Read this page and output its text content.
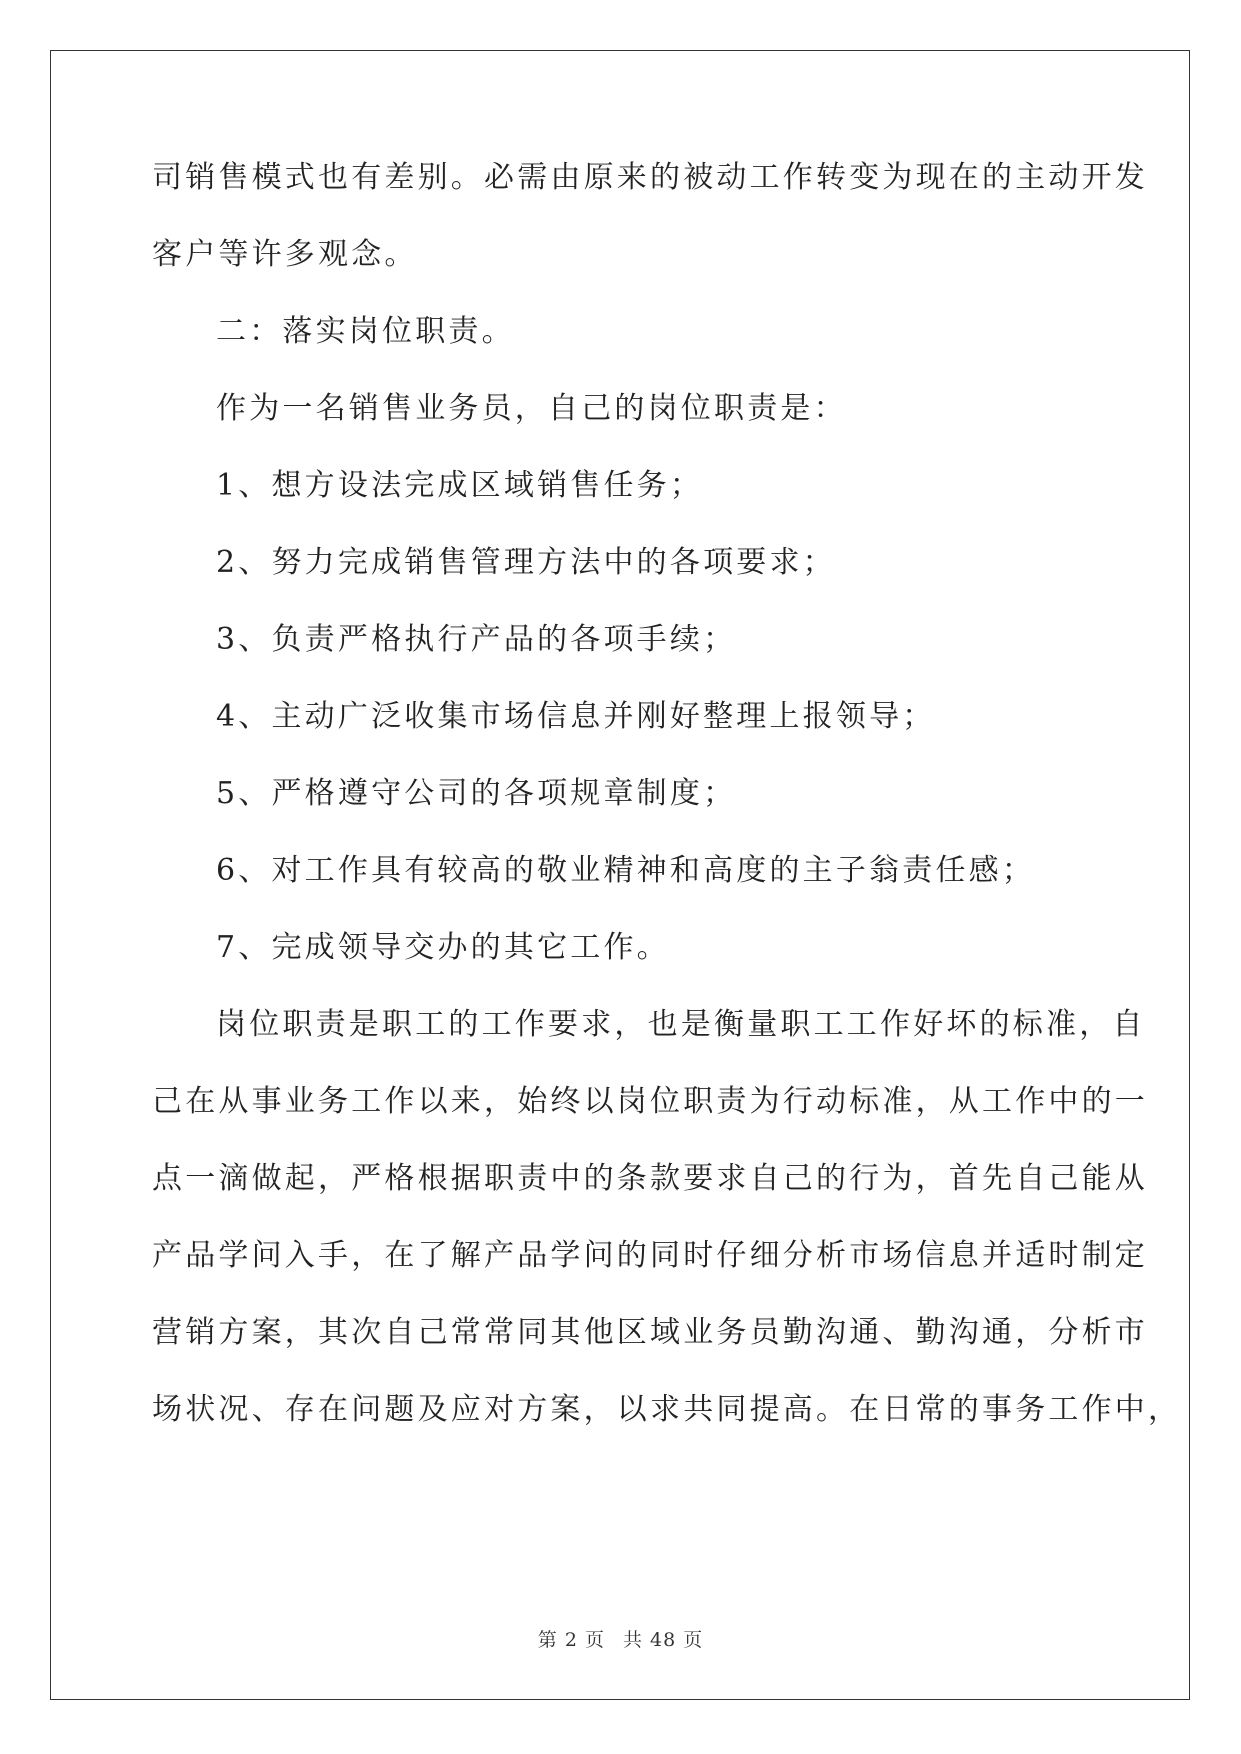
司销售模式也有差别。必需由原来的被动工作转变为现在的主动开发
客户等许多观念。
二：落实岗位职责。
作为一名销售业务员，自己的岗位职责是：
1、想方设法完成区域销售任务；
2、努力完成销售管理方法中的各项要求；
3、负责严格执行产品的各项手续；
4、主动广泛收集市场信息并刚好整理上报领导；
5、严格遵守公司的各项规章制度；
6、对工作具有较高的敬业精神和高度的主子翁责任感；
7、完成领导交办的其它工作。
岗位职责是职工的工作要求，也是衡量职工工作好坏的标准，自
己在从事业务工作以来，始终以岗位职责为行动标准，从工作中的一
点一滴做起，严格根据职责中的条款要求自己的行为，首先自己能从
产品学问入手，在了解产品学问的同时仔细分析市场信息并适时制定
营销方案，其次自己常常同其他区域业务员勤沟通、勤沟通，分析市
场状况、存在问题及应对方案，以求共同提高。在日常的事务工作中，
第 2 页 共 48 页
